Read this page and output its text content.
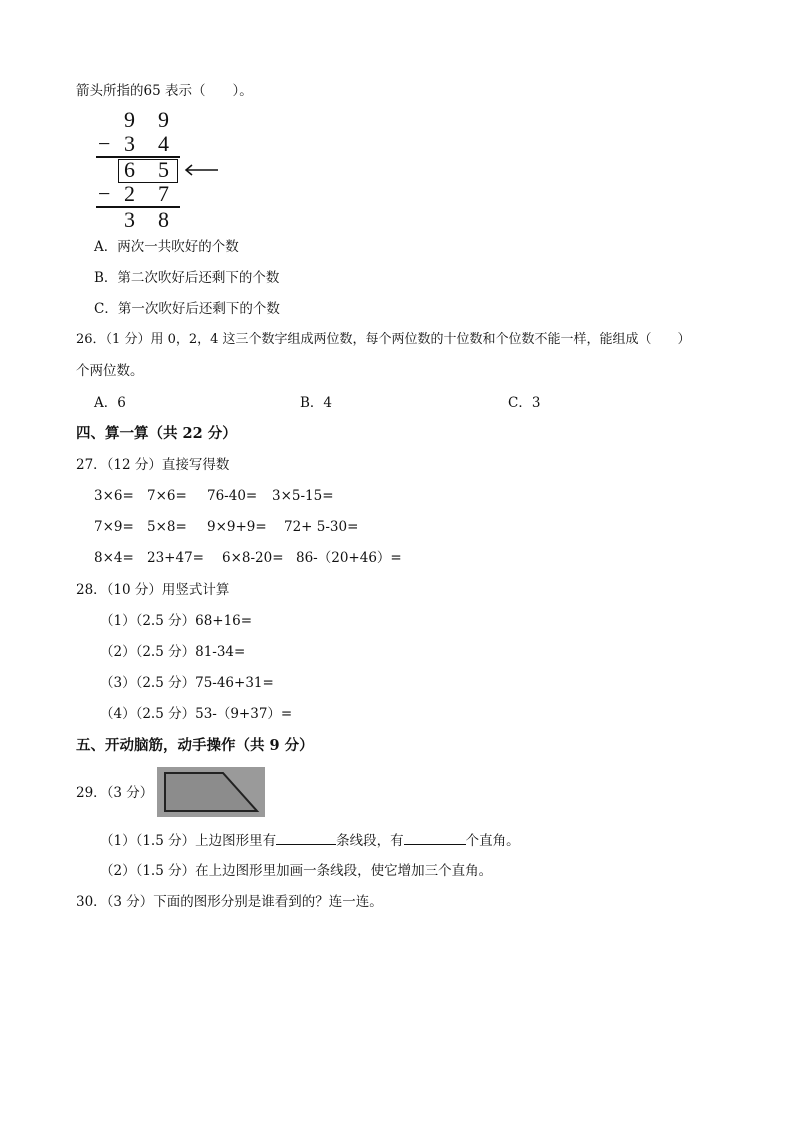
箭头所指的65 表示（　　）。
9 9
− 3 4
6 5
− 2 7
3 8
A．两次一共吹好的个数
B．第二次吹好后还剩下的个数
C．第一次吹好后还剩下的个数
26．（1 分）用 0，2，4 这三个数字组成两位数，每个两位数的十位数和个位数不能一样，能组成（　　）
个两位数。
A．6	B．4	C．3
四、算一算（共 22 分）
27．（12 分）直接写得数
3×6= 7×6= 76-40= 3×5-15=
7×9= 5×8= 9×9+9= 72+ 5-30=
8×4= 23+47= 6×8-20= 86-（20+46）=
28．（10 分）用竖式计算
（1）（2.5 分）68+16=
（2）（2.5 分）81-34=
（3）（2.5 分）75-46+31=
（4）（2.5 分）53-（9+37）=
五、开动脑筋，动手操作（共 9 分）
29．（3 分）
（1）（1.5 分）上边图形里有	条线段，有	个直角。
（2）（1.5 分）在上边图形里加画一条线段，使它增加三个直角。
30．（3 分）下面的图形分别是谁看到的？连一连。
